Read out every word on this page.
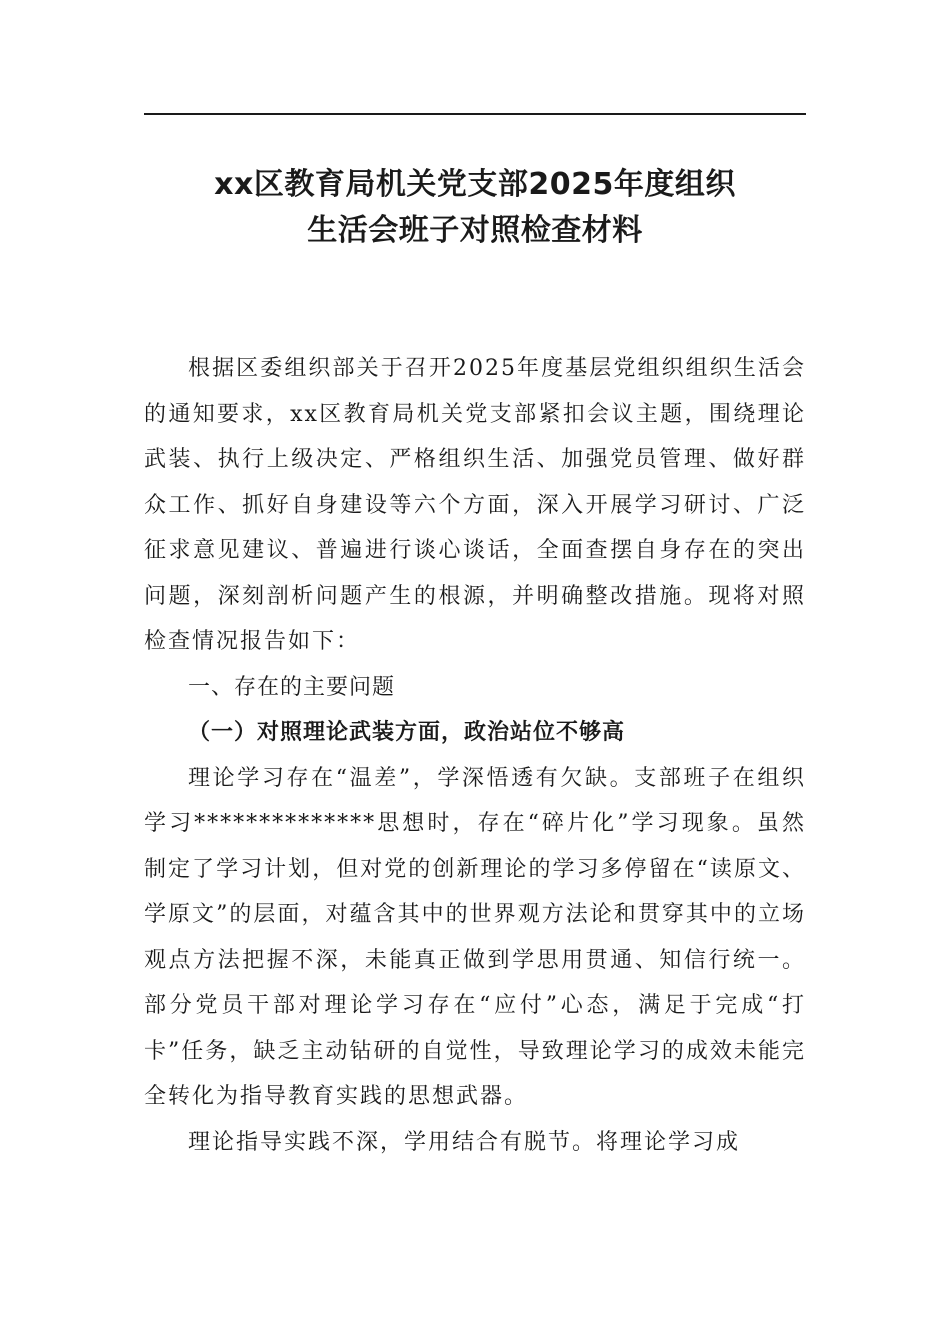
xx区教育局机关党支部2025年度组织
生活会班子对照检查材料

根据区委组织部关于召开2025年度基层党组织组织生活会的通知要求，xx区教育局机关党支部紧扣会议主题，围绕理论武装、执行上级决定、严格组织生活、加强党员管理、做好群众工作、抓好自身建设等六个方面，深入开展学习研讨、广泛征求意见建议、普遍进行谈心谈话，全面查摆自身存在的突出问题，深刻剖析问题产生的根源，并明确整改措施。现将对照检查情况报告如下：

一、存在的主要问题

（一）对照理论武装方面，政治站位不够高

理论学习存在“温差”，学深悟透有欠缺。支部班子在组织学习**************思想时，存在“碎片化”学习现象。虽然制定了学习计划，但对党的创新理论的学习多停留在“读原文、学原文”的层面，对蕴含其中的世界观方法论和贯穿其中的立场观点方法把握不深，未能真正做到学思用贯通、知信行统一。部分党员干部对理论学习存在“应付”心态，满足于完成“打卡”任务，缺乏主动钻研的自觉性，导致理论学习的成效未能完全转化为指导教育实践的思想武器。

理论指导实践不深，学用结合有脱节。将理论学习成
